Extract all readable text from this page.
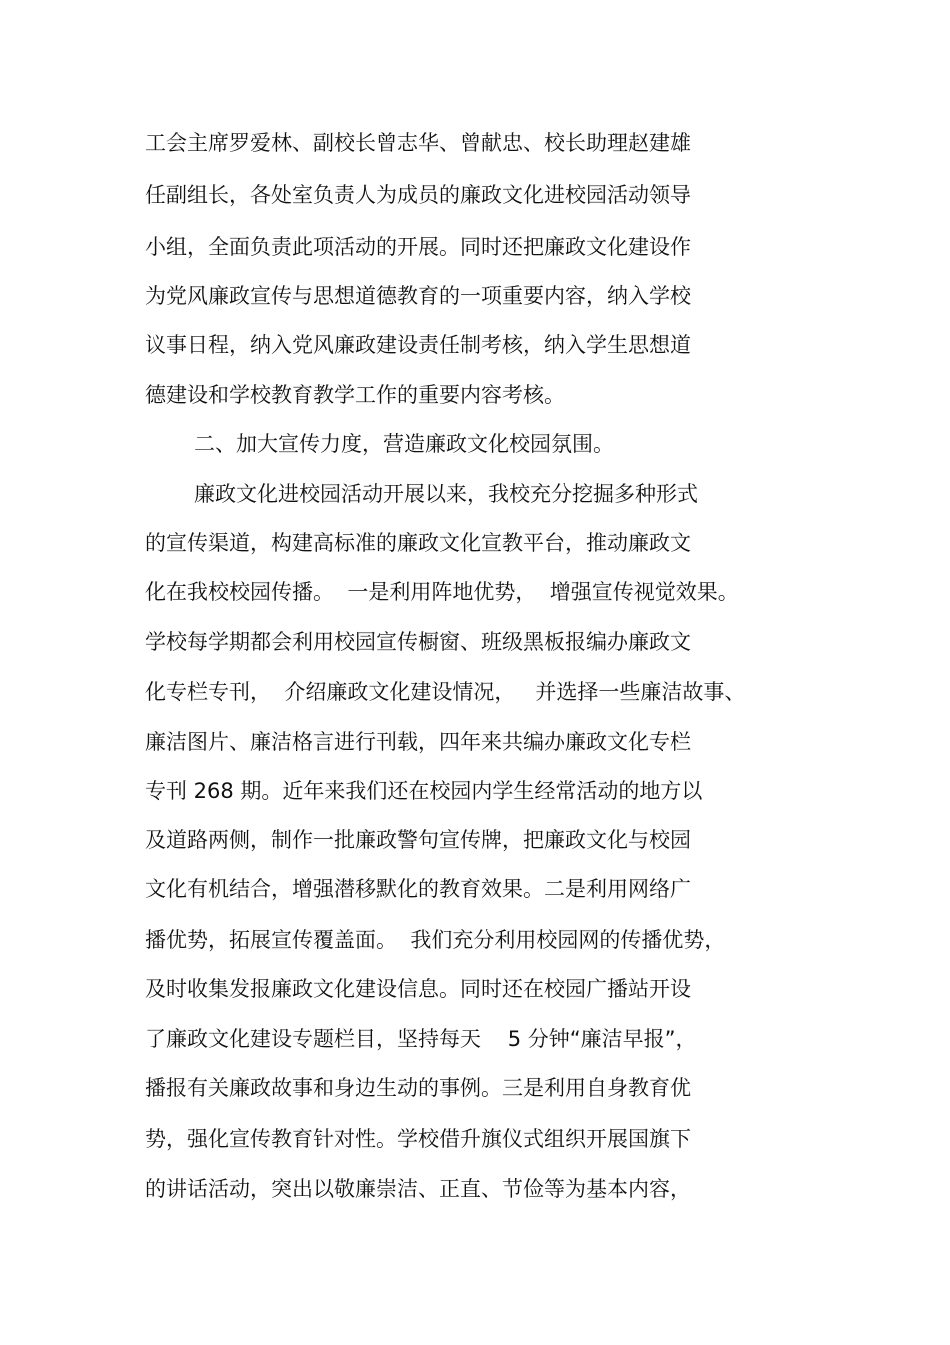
工会主席罗爱林、副校长曾志华、曾献忠、校长助理赵建雄
任副组长，各处室负责人为成员的廉政文化进校园活动领导
小组，全面负责此项活动的开展。同时还把廉政文化建设作
为党风廉政宣传与思想道德教育的一项重要内容，纳入学校
议事日程，纳入党风廉政建设责任制考核，纳入学生思想道
德建设和学校教育教学工作的重要内容考核。
二、加大宣传力度，营造廉政文化校园氛围。
廉政文化进校园活动开展以来，我校充分挖掘多种形式
的宣传渠道，构建高标准的廉政文化宣教平台，推动廉政文
化在我校校园传播。  一是利用阵地优势，  增强宣传视觉效果。
学校每学期都会利用校园宣传橱窗、班级黑板报编办廉政文
化专栏专刊，  介绍廉政文化建设情况，   并选择一些廉洁故事、
廉洁图片、廉洁格言进行刊载，四年来共编办廉政文化专栏
专刊 268 期。近年来我们还在校园内学生经常活动的地方以
及道路两侧，制作一批廉政警句宣传牌，把廉政文化与校园
文化有机结合，增强潜移默化的教育效果。二是利用网络广
播优势，拓展宣传覆盖面。  我们充分利用校园网的传播优势，
及时收集发报廉政文化建设信息。同时还在校园广播站开设
了廉政文化建设专题栏目，坚持每天    5 分钟“廉洁早报”，
播报有关廉政故事和身边生动的事例。三是利用自身教育优
势，强化宣传教育针对性。学校借升旗仪式组织开展国旗下
的讲话活动，突出以敬廉崇洁、正直、节俭等为基本内容，
